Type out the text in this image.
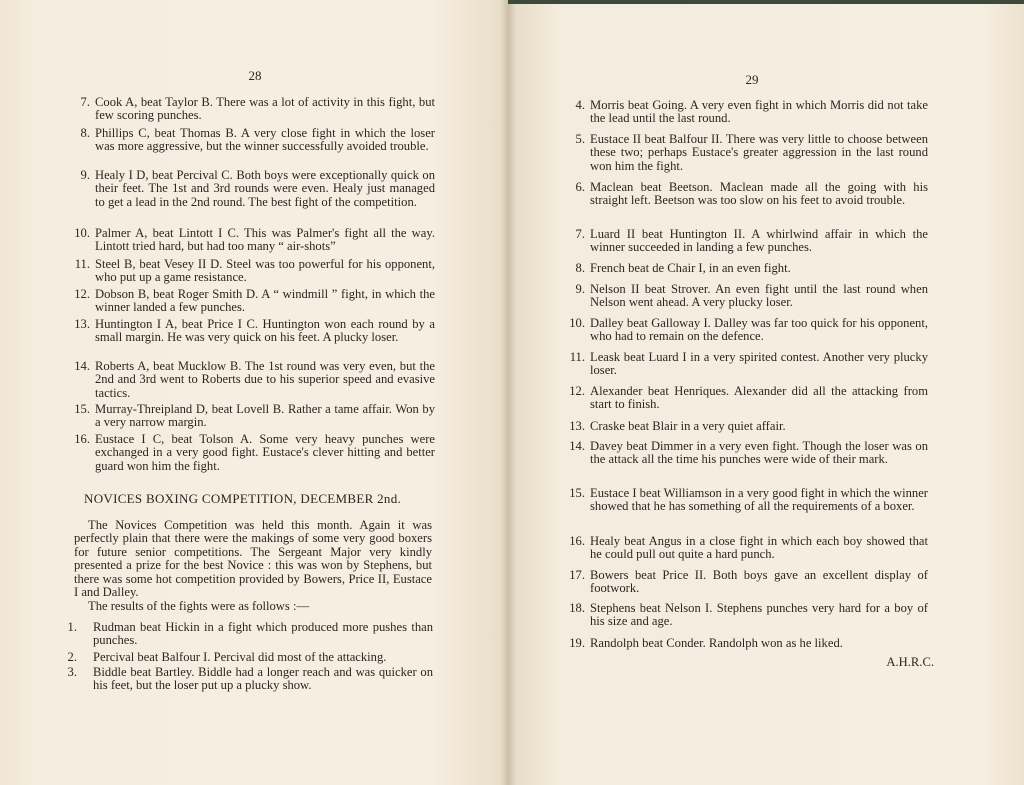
28
7. Cook A, beat Taylor B. There was a lot of activity in this fight, but few scoring punches.
8. Phillips C, beat Thomas B. A very close fight in which the loser was more aggressive, but the winner successfully avoided trouble.
9. Healy I D, beat Percival C. Both boys were exceptionally quick on their feet. The 1st and 3rd rounds were even. Healy just managed to get a lead in the 2nd round. The best fight of the competition.
10. Palmer A, beat Lintott I C. This was Palmer's fight all the way. Lintott tried hard, but had too many “ air-shots”
11. Steel B, beat Vesey II D. Steel was too powerful for his opponent, who put up a game resistance.
12. Dobson B, beat Roger Smith D. A “ windmill ” fight, in which the winner landed a few punches.
13. Huntington I A, beat Price I C. Huntington won each round by a small margin. He was very quick on his feet. A plucky loser.
14. Roberts A, beat Mucklow B. The 1st round was very even, but the 2nd and 3rd went to Roberts due to his superior speed and evasive tactics.
15. Murray-Threipland D, beat Lovell B. Rather a tame affair. Won by a very narrow margin.
16. Eustace I C, beat Tolson A. Some very heavy punches were exchanged in a very good fight. Eustace's clever hitting and better guard won him the fight.
NOVICES BOXING COMPETITION, DECEMBER 2nd.
The Novices Competition was held this month. Again it was perfectly plain that there were the makings of some very good boxers for future senior competitions. The Sergeant Major very kindly presented a prize for the best Novice : this was won by Stephens, but there was some hot competition provided by Bowers, Price II, Eustace I and Dalley.
The results of the fights were as follows :—
1. Rudman beat Hickin in a fight which produced more pushes than punches.
2. Percival beat Balfour I. Percival did most of the attacking.
3. Biddle beat Bartley. Biddle had a longer reach and was quicker on his feet, but the loser put up a plucky show.
29
4. Morris beat Going. A very even fight in which Morris did not take the lead until the last round.
5. Eustace II beat Balfour II. There was very little to choose between these two; perhaps Eustace's greater aggression in the last round won him the fight.
6. Maclean beat Beetson. Maclean made all the going with his straight left. Beetson was too slow on his feet to avoid trouble.
7. Luard II beat Huntington II. A whirlwind affair in which the winner succeeded in landing a few punches.
8. French beat de Chair I, in an even fight.
9. Nelson II beat Strover. An even fight until the last round when Nelson went ahead. A very plucky loser.
10. Dalley beat Galloway I. Dalley was far too quick for his opponent, who had to remain on the defence.
11. Leask beat Luard I in a very spirited contest. Another very plucky loser.
12. Alexander beat Henriques. Alexander did all the attacking from start to finish.
13. Craske beat Blair in a very quiet affair.
14. Davey beat Dimmer in a very even fight. Though the loser was on the attack all the time his punches were wide of their mark.
15. Eustace I beat Williamson in a very good fight in which the winner showed that he has something of all the requirements of a boxer.
16. Healy beat Angus in a close fight in which each boy showed that he could pull out quite a hard punch.
17. Bowers beat Price II. Both boys gave an excellent display of footwork.
18. Stephens beat Nelson I. Stephens punches very hard for a boy of his size and age.
19. Randolph beat Conder. Randolph won as he liked.
A.H.R.C.
